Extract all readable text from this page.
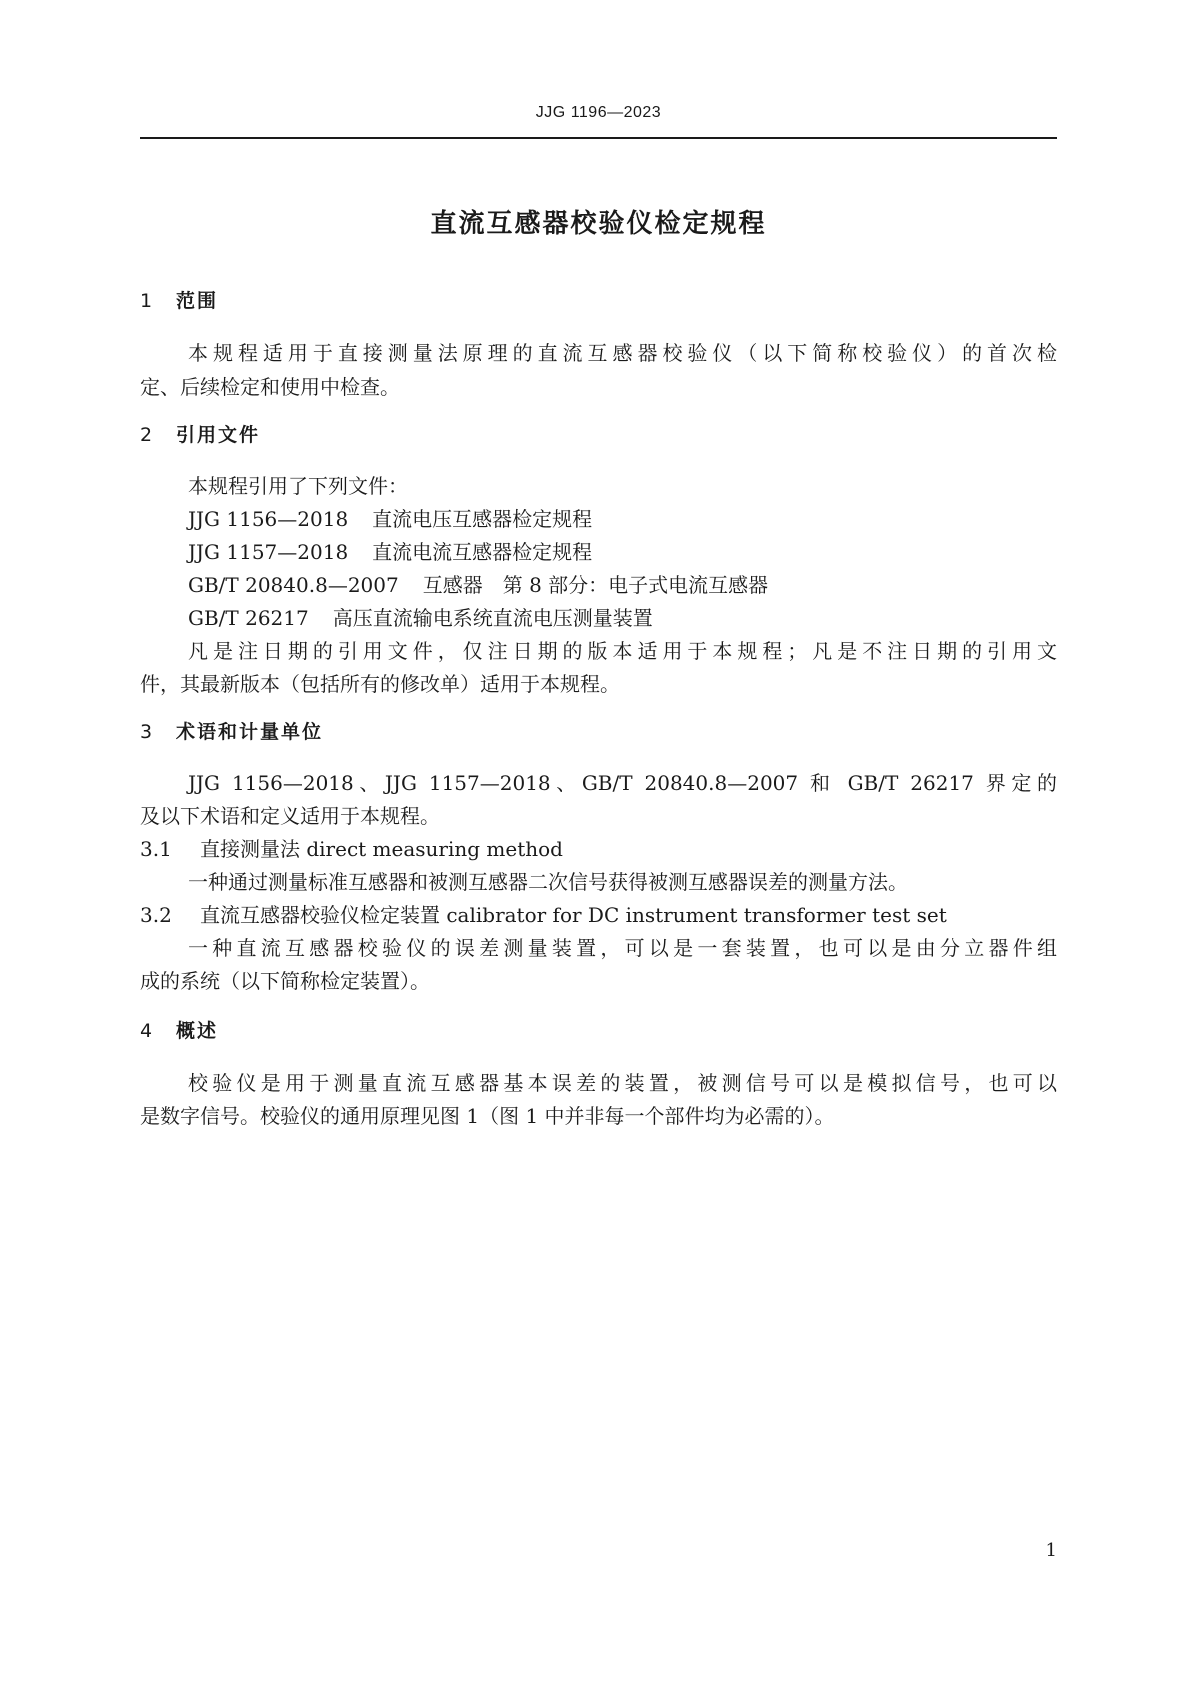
JJG 1196—2023
直流互感器校验仪检定规程
1 范围
本规程适用于直接测量法原理的直流互感器校验仪（以下简称校验仪）的首次检
定、后续检定和使用中检查。
2 引用文件
本规程引用了下列文件：
JJG 1156—2018 直流电压互感器检定规程
JJG 1157—2018 直流电流互感器检定规程
GB/T 20840.8—2007 互感器　第 8 部分：电子式电流互感器
GB/T 26217 高压直流输电系统直流电压测量装置
凡是注日期的引用文件，仅注日期的版本适用于本规程；凡是不注日期的引用文
件，其最新版本（包括所有的修改单）适用于本规程。
3 术语和计量单位
JJG 1156—2018、JJG 1157—2018、GB/T 20840.8—2007 和 GB/T 26217 界定的
及以下术语和定义适用于本规程。
3.1 直接测量法 direct measuring method
一种通过测量标准互感器和被测互感器二次信号获得被测互感器误差的测量方法。
3.2 直流互感器校验仪检定装置 calibrator for DC instrument transformer test set
一种直流互感器校验仪的误差测量装置，可以是一套装置，也可以是由分立器件组
成的系统（以下简称检定装置）。
4 概述
校验仪是用于测量直流互感器基本误差的装置，被测信号可以是模拟信号，也可以
是数字信号。校验仪的通用原理见图 1（图 1 中并非每一个部件均为必需的）。
1
